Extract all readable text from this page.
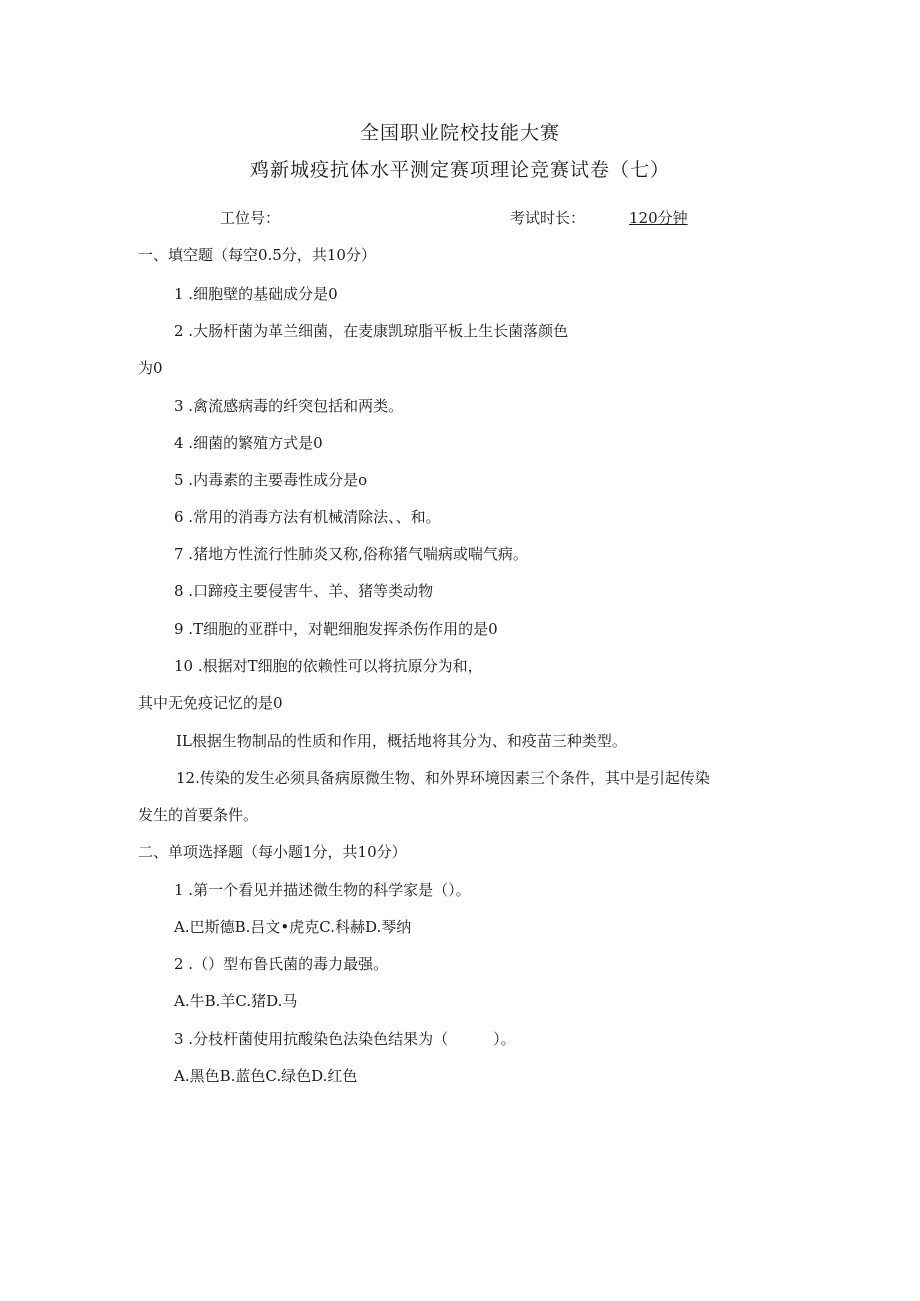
全国职业院校技能大赛
鸡新城疫抗体水平测定赛项理论竞赛试卷（七）
工位号：	考试时长：	120分钟
一、填空题（每空0.5分，共10分）
1 .细胞壁的基础成分是0
2 .大肠杆菌为革兰细菌，在麦康凯琼脂平板上生长菌落颜色
为0
3 .禽流感病毒的纤突包括和两类。
4 .细菌的繁殖方式是0
5 .内毒素的主要毒性成分是o
6 .常用的消毒方法有机械清除法、、和。
7 .猪地方性流行性肺炎又称,俗称猪气喘病或喘气病。
8 .口蹄疫主要侵害牛、羊、猪等类动物
9 .T细胞的亚群中，对靶细胞发挥杀伤作用的是0
10 .根据对T细胞的依赖性可以将抗原分为和，
其中无免疫记忆的是0
IL根据生物制品的性质和作用，概括地将其分为、和疫苗三种类型。
12.传染的发生必须具备病原微生物、和外界环境因素三个条件，其中是引起传染
发生的首要条件。
二、单项选择题（每小题1分，共10分）
1 .第一个看见并描述微生物的科学家是（）。
A.巴斯德B.吕文•虎克C.科赫D.琴纳
2 .（）型布鲁氏菌的毒力最强。
A.牛B.羊C.猪D.马
3 .分枝杆菌使用抗酸染色法染色结果为（　　　）。
A.黑色B.蓝色C.绿色D.红色
